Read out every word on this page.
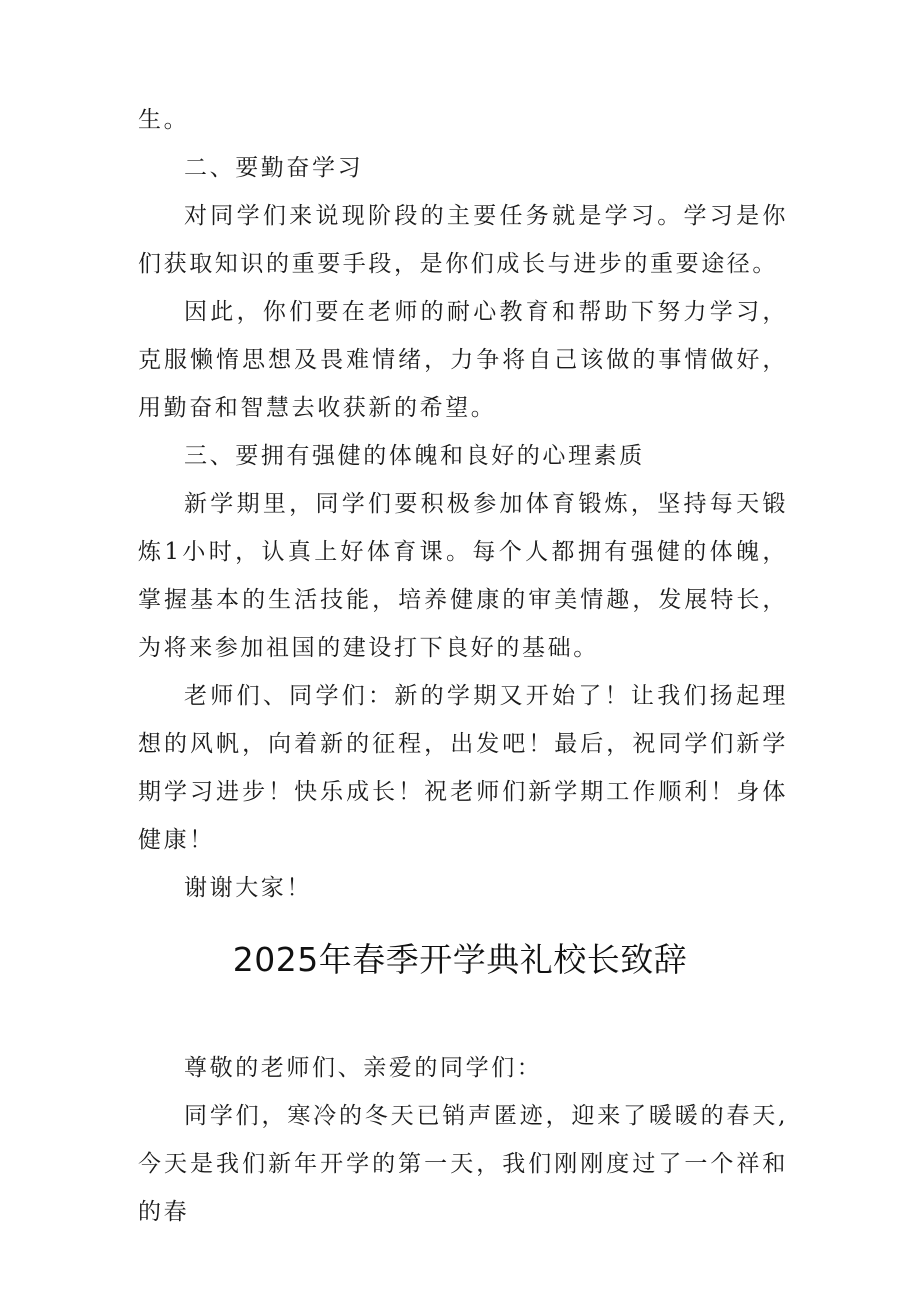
生。

二、要勤奋学习

对同学们来说现阶段的主要任务就是学习。学习是你们获取知识的重要手段，是你们成长与进步的重要途径。

因此，你们要在老师的耐心教育和帮助下努力学习，克服懒惰思想及畏难情绪，力争将自己该做的事情做好，用勤奋和智慧去收获新的希望。

三、要拥有强健的体魄和良好的心理素质

新学期里，同学们要积极参加体育锻炼，坚持每天锻炼1小时，认真上好体育课。每个人都拥有强健的体魄，掌握基本的生活技能，培养健康的审美情趣，发展特长，为将来参加祖国的建设打下良好的基础。

老师们、同学们：新的学期又开始了！让我们扬起理想的风帆，向着新的征程，出发吧！最后，祝同学们新学期学习进步！快乐成长！祝老师们新学期工作顺利！身体健康！

谢谢大家！

2025年春季开学典礼校长致辞

尊敬的老师们、亲爱的同学们：

同学们，寒冷的冬天已销声匿迹，迎来了暖暖的春天,今天是我们新年开学的第一天，我们刚刚度过了一个祥和的春
